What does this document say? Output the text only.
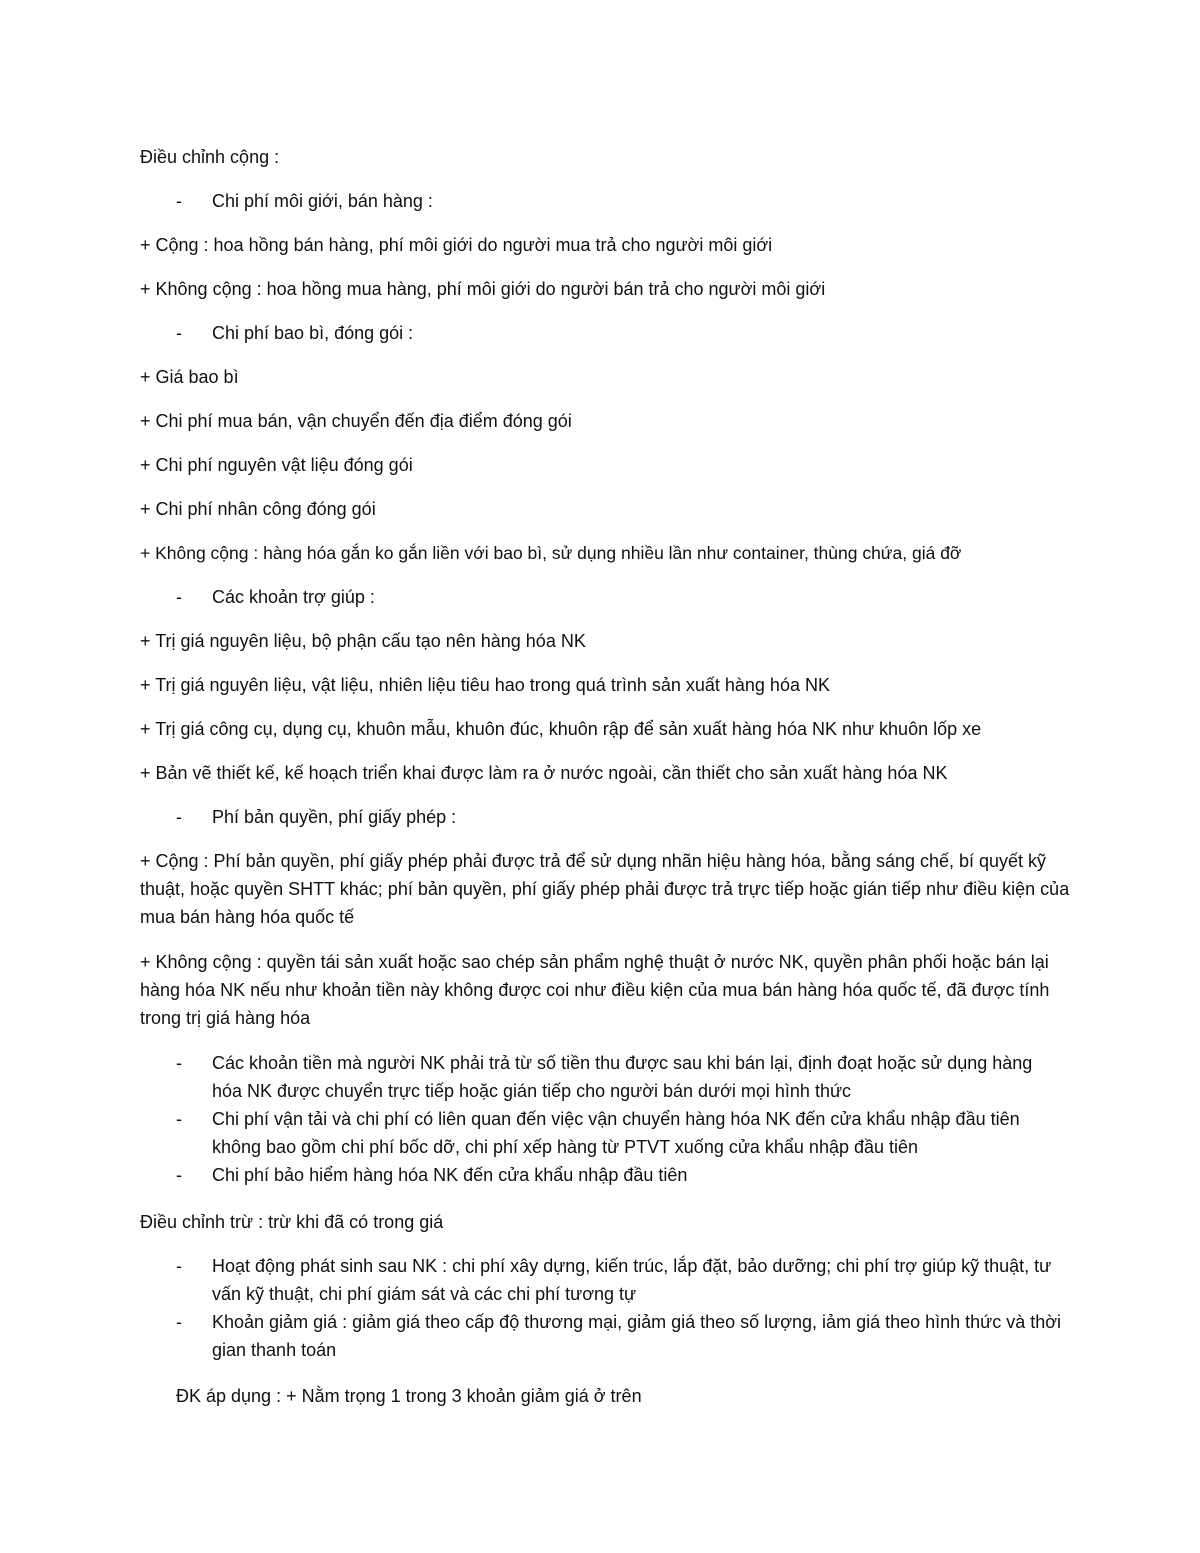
Điều chỉnh cộng :
-	Chi phí môi giới, bán hàng :
+ Cộng : hoa hồng bán hàng, phí môi giới do người mua trả cho người môi giới
+ Không cộng : hoa hồng mua hàng, phí môi giới do người bán trả cho người môi giới
-	Chi phí bao bì, đóng gói :
+ Giá bao bì
+ Chi phí mua bán, vận chuyển đến địa điểm đóng gói
+ Chi phí nguyên vật liệu đóng gói
+ Chi phí nhân công đóng gói
+ Không cộng : hàng hóa gắn ko gắn liền với bao bì, sử dụng nhiều lần như container, thùng chứa, giá đỡ
-	Các khoản trợ giúp :
+ Trị giá nguyên liệu, bộ phận cấu tạo nên hàng hóa NK
+ Trị giá nguyên liệu, vật liệu, nhiên liệu tiêu hao trong quá trình sản xuất hàng hóa NK
+ Trị giá công cụ, dụng cụ, khuôn mẫu, khuôn đúc, khuôn rập để sản xuất hàng hóa NK như khuôn lốp xe
+ Bản vẽ thiết kế, kế hoạch triển khai được làm ra ở nước ngoài, cần thiết cho sản xuất hàng hóa NK
-	Phí bản quyền, phí giấy phép :
+ Cộng : Phí bản quyền, phí giấy phép phải được trả để sử dụng nhãn hiệu hàng hóa, bằng sáng chế, bí quyết kỹ thuật, hoặc quyền SHTT khác; phí bản quyền, phí giấy phép phải được trả trực tiếp hoặc gián tiếp như điều kiện của mua bán hàng hóa quốc tế
+ Không cộng : quyền tái sản xuất hoặc sao chép sản phẩm nghệ thuật ở nước NK, quyền phân phối hoặc bán lại hàng hóa NK nếu như khoản tiền này không được coi như điều kiện của mua bán hàng hóa quốc tế, đã được tính trong trị giá hàng hóa
-	Các khoản tiền mà người NK phải trả từ số tiền thu được sau khi bán lại, định đoạt hoặc sử dụng hàng hóa NK được chuyển trực tiếp hoặc gián tiếp cho người bán dưới mọi hình thức
-	Chi phí vận tải và chi phí có liên quan đến việc vận chuyển hàng hóa NK đến cửa khẩu nhập đầu tiên không bao gồm chi phí bốc dỡ, chi phí xếp hàng từ PTVT xuống cửa khẩu nhập đầu tiên
-	Chi phí bảo hiểm hàng hóa NK đến cửa khẩu nhập đầu tiên
Điều chỉnh trừ : trừ khi đã có trong giá
-	Hoạt động phát sinh sau NK : chi phí xây dựng, kiến trúc, lắp đặt, bảo dưỡng; chi phí trợ giúp kỹ thuật, tư vấn kỹ thuật, chi phí giám sát và các chi phí tương tự
-	Khoản giảm giá : giảm giá theo cấp độ thương mại, giảm giá theo số lượng, iảm giá theo hình thức và thời gian thanh toán
ĐK áp dụng : + Nằm trọng 1 trong 3 khoản giảm giá ở trên
